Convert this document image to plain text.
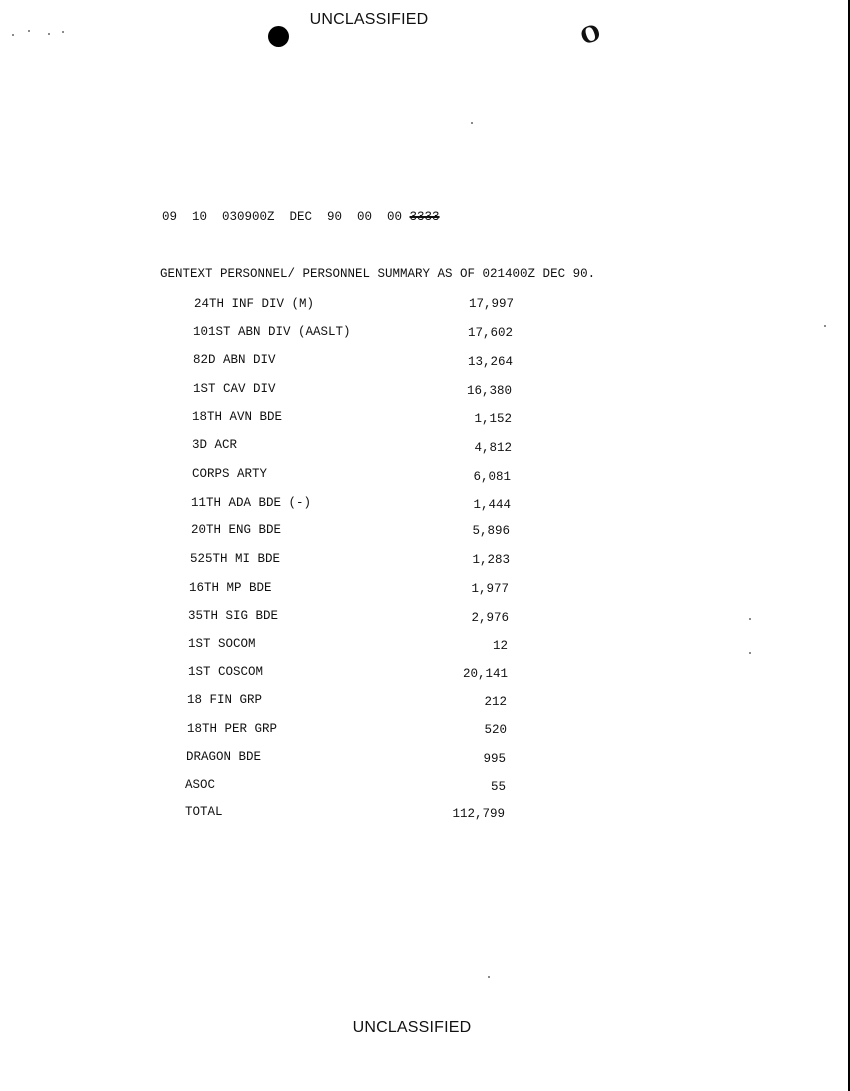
UNCLASSIFIED
O
09  10  030900Z  DEC  90  00  00 3333
GENTEXT PERSONNEL/ PERSONNEL SUMMARY AS OF 021400Z DEC 90.
24TH INF DIV (M)	17,997
101ST ABN DIV (AASLT)	17,602
82D ABN DIV	13,264
1ST CAV DIV	16,380
18TH AVN BDE	1,152
3D ACR	4,812
CORPS ARTY	6,081
11TH ADA BDE (-)	1,444
20TH ENG BDE	5,896
525TH MI BDE	1,283
16TH MP BDE	1,977
35TH SIG BDE	2,976
1ST SOCOM	12
1ST COSCOM	20,141
18 FIN GRP	212
18TH PER GRP	520
DRAGON BDE	995
ASOC	55
TOTAL	112,799
UNCLASSIFIED
